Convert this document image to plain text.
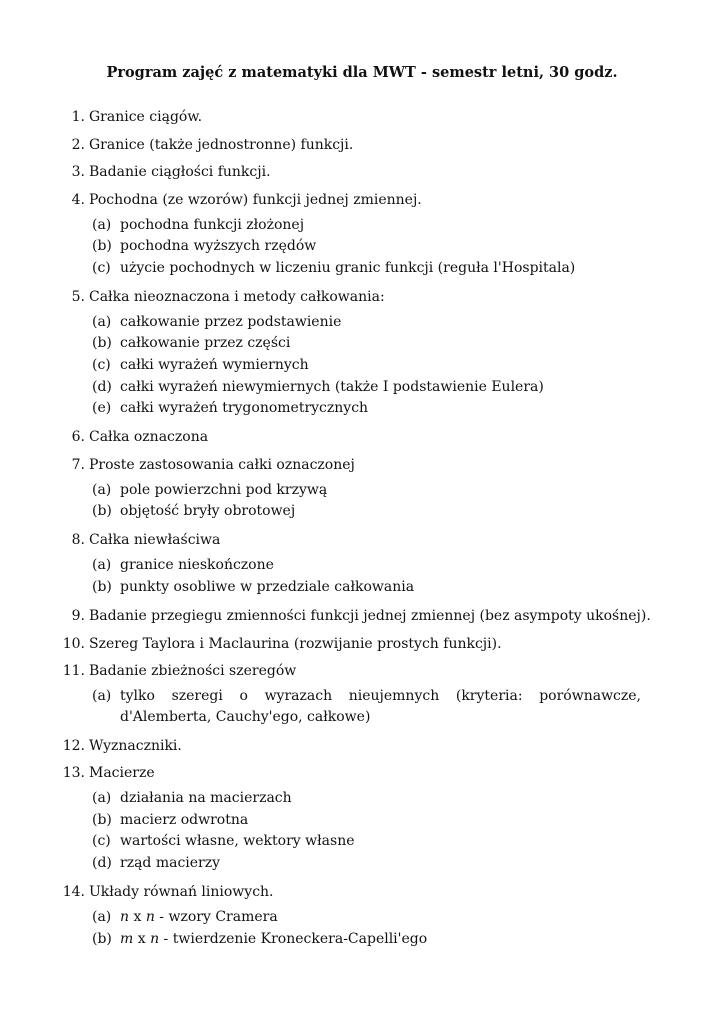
Program zajęć z matematyki dla MWT - semestr letni, 30 godz.
1. Granice ciągów.
2. Granice (także jednostronne) funkcji.
3. Badanie ciągłości funkcji.
4. Pochodna (ze wzorów) funkcji jednej zmiennej.
(a) pochodna funkcji złożonej
(b) pochodna wyższych rzędów
(c) użycie pochodnych w liczeniu granic funkcji (reguła l'Hospitala)
5. Całka nieoznaczona i metody całkowania:
(a) całkowanie przez podstawienie
(b) całkowanie przez części
(c) całki wyrażeń wymiernych
(d) całki wyrażeń niewymiernych (także I podstawienie Eulera)
(e) całki wyrażeń trygonometrycznych
6. Całka oznaczona
7. Proste zastosowania całki oznaczonej
(a) pole powierzchni pod krzywą
(b) objętość bryły obrotowej
8. Całka niewłaściwa
(a) granice nieskończone
(b) punkty osobliwe w przedziale całkowania
9. Badanie przegiegu zmienności funkcji jednej zmiennej (bez asympoty ukośnej).
10. Szereg Taylora i Maclaurina (rozwijanie prostych funkcji).
11. Badanie zbieżności szeregów
(a) tylko szeregi o wyrazach nieujemnych (kryteria: porównawcze, d'Alemberta, Cauchy'ego, całkowe)
12. Wyznaczniki.
13. Macierze
(a) działania na macierzach
(b) macierz odwrotna
(c) wartości własne, wektory własne
(d) rząd macierzy
14. Układy równań liniowych.
(a) n x n - wzory Cramera
(b) m x n - twierdzenie Kroneckera-Capelli'ego
